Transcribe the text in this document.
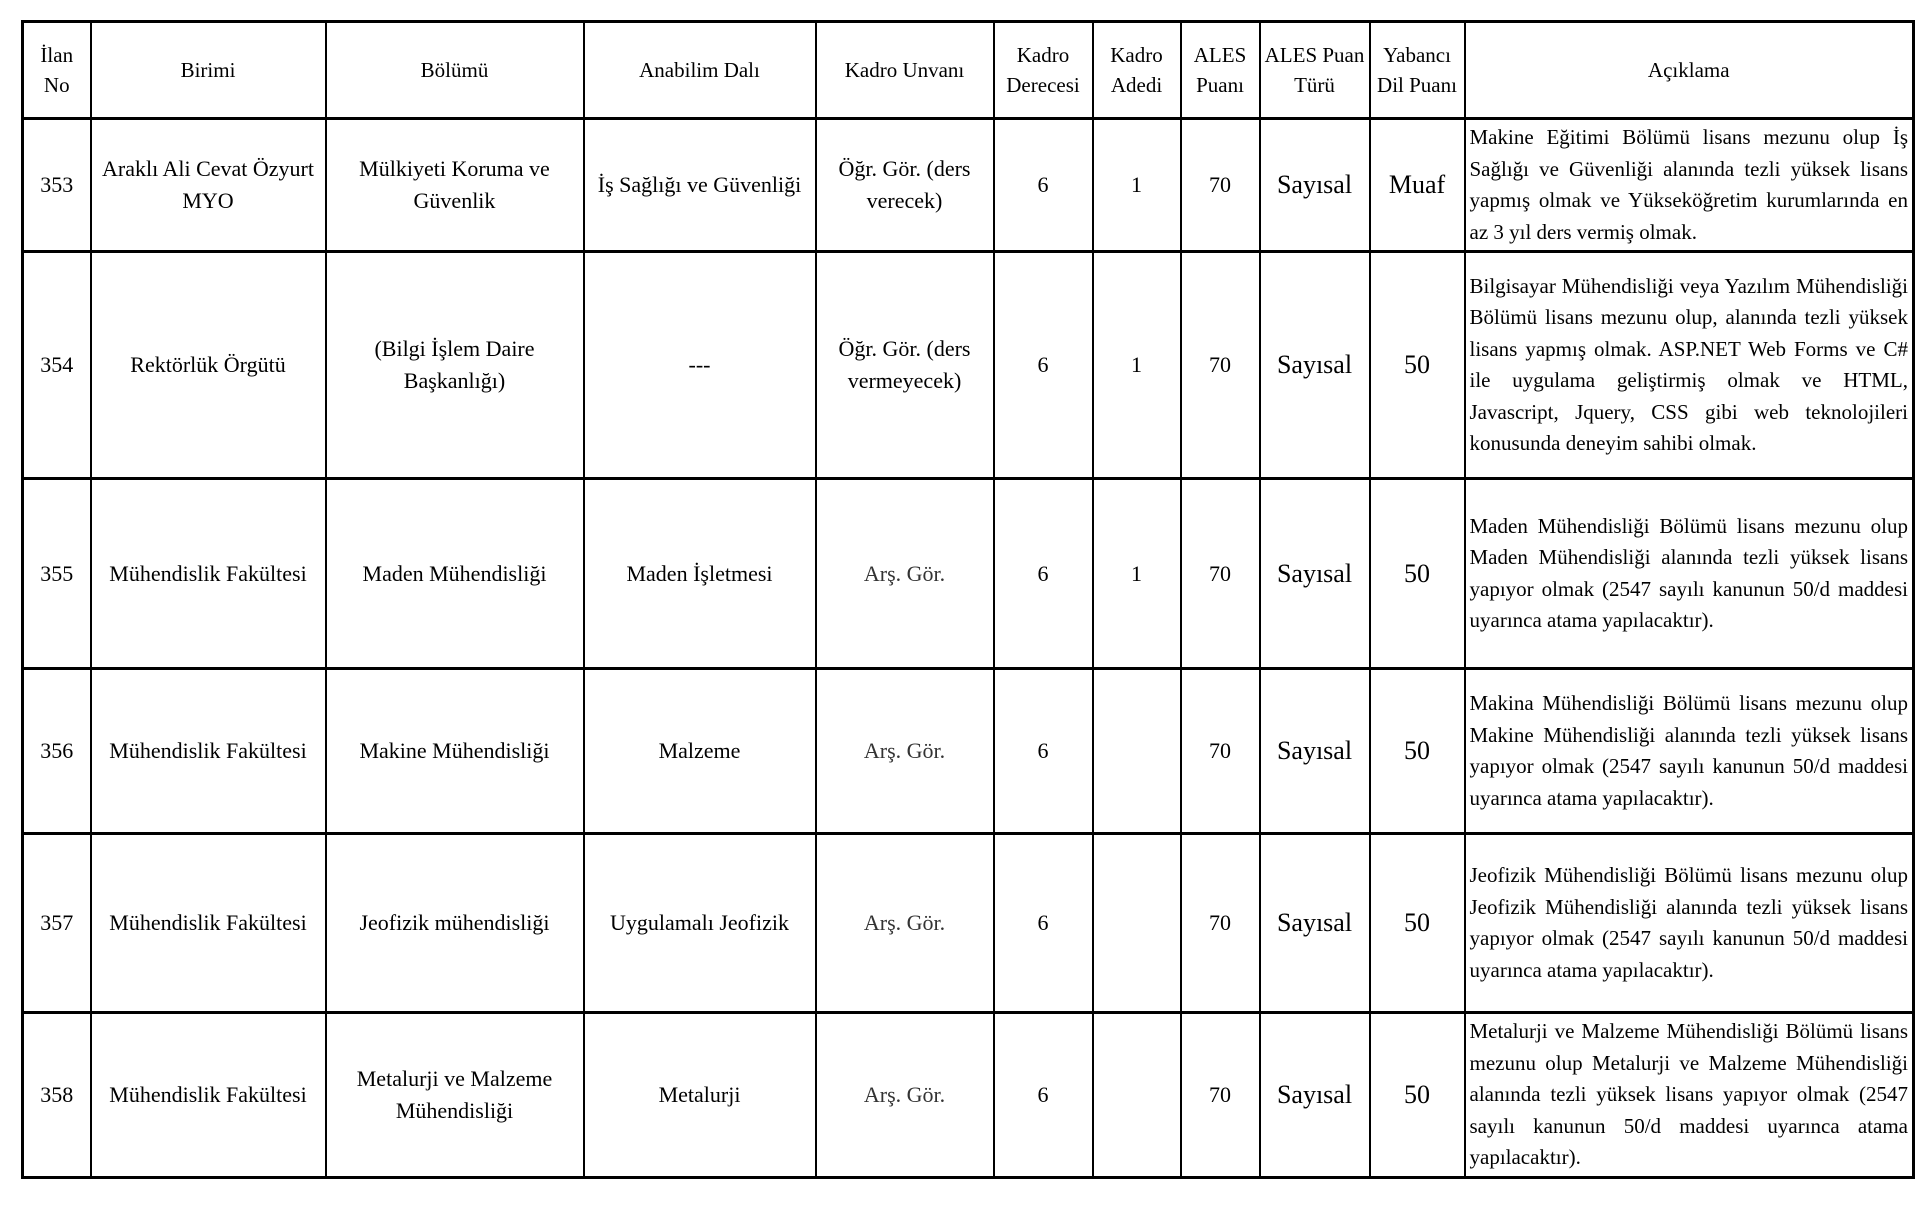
İlan No	Birimi	Bölümü	Anabilim Dalı	Kadro Unvanı	Kadro Derecesi	Kadro Adedi	ALES Puanı	ALES Puan Türü	Yabancı Dil Puanı	Açıklama
353	Araklı Ali Cevat Özyurt MYO	Mülkiyeti Koruma ve Güvenlik	İş Sağlığı ve Güvenliği	Öğr. Gör. (ders verecek)	6	1	70	Sayısal	Muaf	Makine Eğitimi Bölümü lisans mezunu olup İş Sağlığı ve Güvenliği alanında tezli yüksek lisans yapmış olmak ve Yükseköğretim kurumlarında en az 3 yıl ders vermiş olmak.
354	Rektörlük Örgütü	(Bilgi İşlem Daire Başkanlığı)	---	Öğr. Gör. (ders vermeyecek)	6	1	70	Sayısal	50	Bilgisayar Mühendisliği veya Yazılım Mühendisliği Bölümü lisans mezunu olup, alanında tezli yüksek lisans yapmış olmak. ASP.NET Web Forms ve C# ile uygulama geliştirmiş olmak ve HTML, Javascript, Jquery, CSS gibi web teknolojileri konusunda deneyim sahibi olmak.
355	Mühendislik Fakültesi	Maden Mühendisliği	Maden İşletmesi	Arş. Gör.	6	1	70	Sayısal	50	Maden Mühendisliği Bölümü lisans mezunu olup Maden Mühendisliği alanında tezli yüksek lisans yapıyor olmak (2547 sayılı kanunun 50/d maddesi uyarınca atama yapılacaktır).
356	Mühendislik Fakültesi	Makine Mühendisliği	Malzeme	Arş. Gör.	6		70	Sayısal	50	Makina Mühendisliği Bölümü lisans mezunu olup Makine Mühendisliği alanında tezli yüksek lisans yapıyor olmak (2547 sayılı kanunun 50/d maddesi uyarınca atama yapılacaktır).
357	Mühendislik Fakültesi	Jeofizik mühendisliği	Uygulamalı Jeofizik	Arş. Gör.	6		70	Sayısal	50	Jeofizik Mühendisliği Bölümü lisans mezunu olup Jeofizik Mühendisliği alanında tezli yüksek lisans yapıyor olmak (2547 sayılı kanunun 50/d maddesi uyarınca atama yapılacaktır).
358	Mühendislik Fakültesi	Metalurji ve Malzeme Mühendisliği	Metalurji	Arş. Gör.	6		70	Sayısal	50	Metalurji ve Malzeme Mühendisliği Bölümü lisans mezunu olup Metalurji ve Malzeme Mühendisliği alanında tezli yüksek lisans yapıyor olmak (2547 sayılı kanunun 50/d maddesi uyarınca atama yapılacaktır).
